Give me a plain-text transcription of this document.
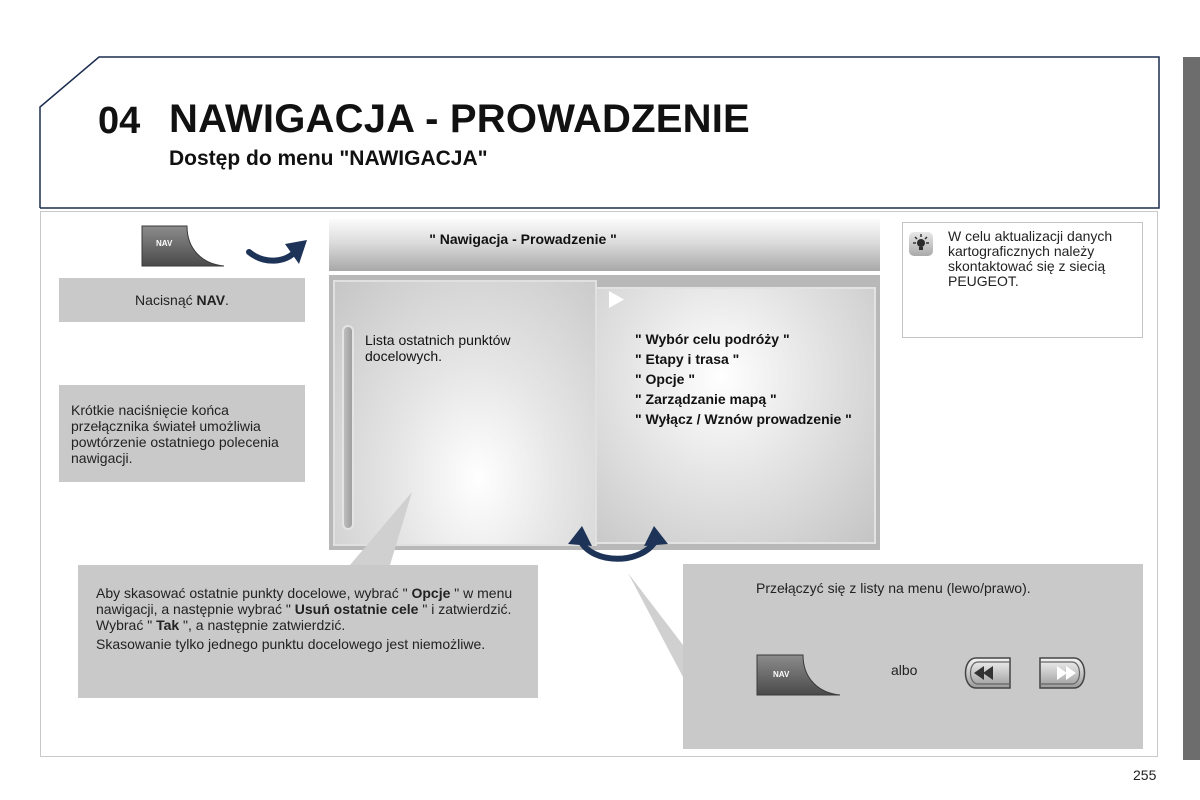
04 NAWIGACJA - PROWADZENIE
Dostęp do menu "NAWIGACJA"
NAV
Nacisnąć NAV.
Krótkie naciśnięcie końca przełącznika świateł umożliwia powtórzenie ostatniego polecenia nawigacji.
" Nawigacja - Prowadzenie "
Lista ostatnich punktów docelowych.
" Wybór celu podróży "
" Etapy i trasa "
" Opcje "
" Zarządzanie mapą "
" Wyłącz / Wznów prowadzenie "
W celu aktualizacji danych kartograficznych należy skontaktować się z siecią PEUGEOT.
Aby skasować ostatnie punkty docelowe, wybrać " Opcje " w menu nawigacji, a następnie wybrać " Usuń ostatnie cele " i zatwierdzić. Wybrać " Tak ", a następnie zatwierdzić.
Skasowanie tylko jednego punktu docelowego jest niemożliwe.
Przełączyć się z listy na menu (lewo/prawo).
NAV	albo
255
